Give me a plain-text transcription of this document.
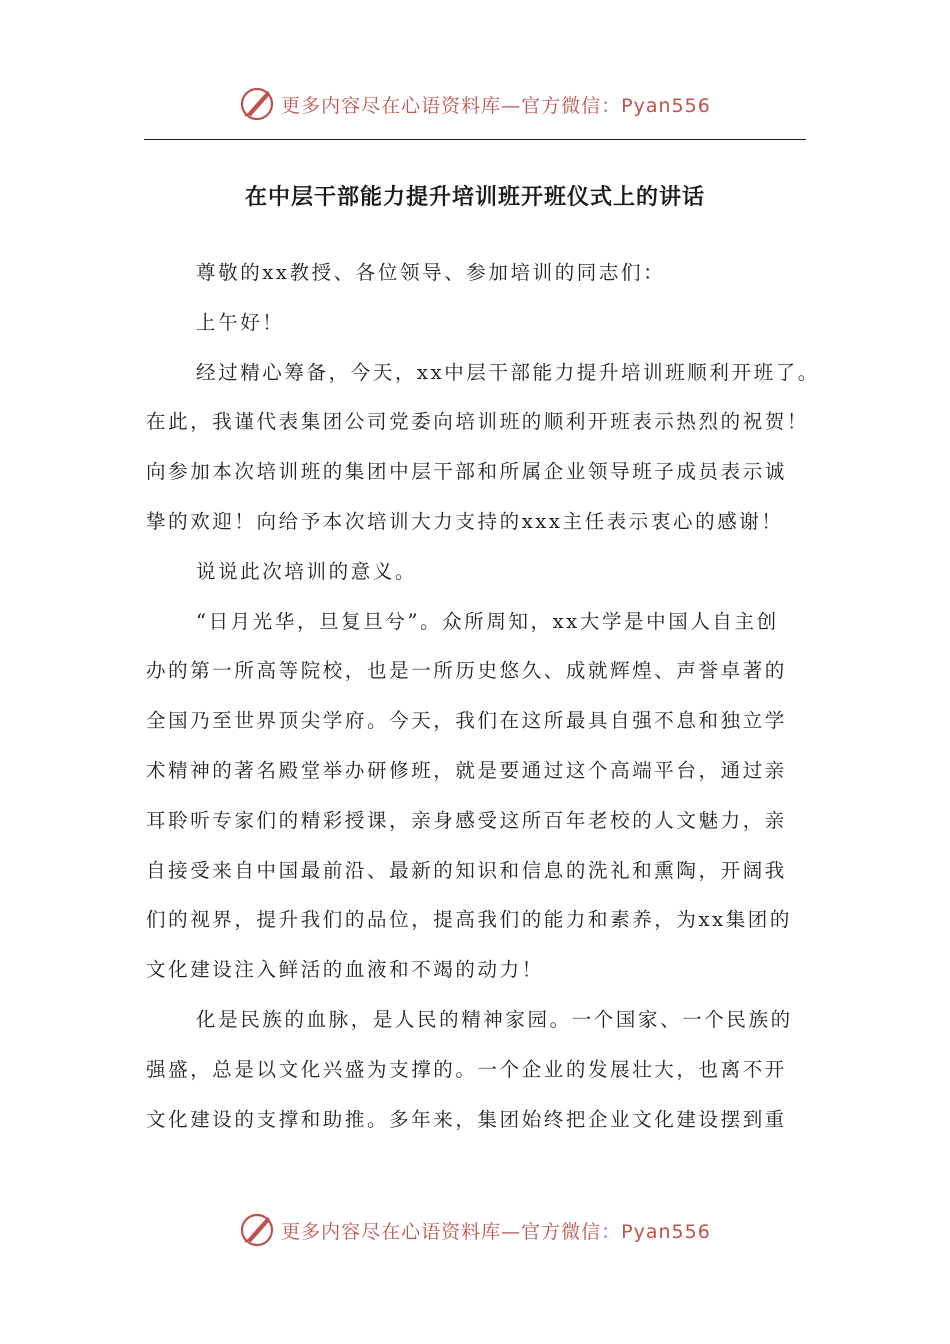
更多内容尽在心语资料库—官方微信：Pyan556
在中层干部能力提升培训班开班仪式上的讲话
尊敬的xx教授、各位领导、参加培训的同志们：
上午好！
经过精心筹备，今天，xx中层干部能力提升培训班顺利开班了。
在此，我谨代表集团公司党委向培训班的顺利开班表示热烈的祝贺！
向参加本次培训班的集团中层干部和所属企业领导班子成员表示诚
挚的欢迎！向给予本次培训大力支持的xxx主任表示衷心的感谢！
说说此次培训的意义。
“日月光华，旦复旦兮”。众所周知，xx大学是中国人自主创
办的第一所高等院校，也是一所历史悠久、成就辉煌、声誉卓著的
全国乃至世界顶尖学府。今天，我们在这所最具自强不息和独立学
术精神的著名殿堂举办研修班，就是要通过这个高端平台，通过亲
耳聆听专家们的精彩授课，亲身感受这所百年老校的人文魅力，亲
自接受来自中国最前沿、最新的知识和信息的洗礼和熏陶，开阔我
们的视界，提升我们的品位，提高我们的能力和素养，为xx集团的
文化建设注入鲜活的血液和不竭的动力！
化是民族的血脉，是人民的精神家园。一个国家、一个民族的
强盛，总是以文化兴盛为支撑的。一个企业的发展壮大，也离不开
文化建设的支撑和助推。多年来，集团始终把企业文化建设摆到重
更多内容尽在心语资料库—官方微信：Pyan556
